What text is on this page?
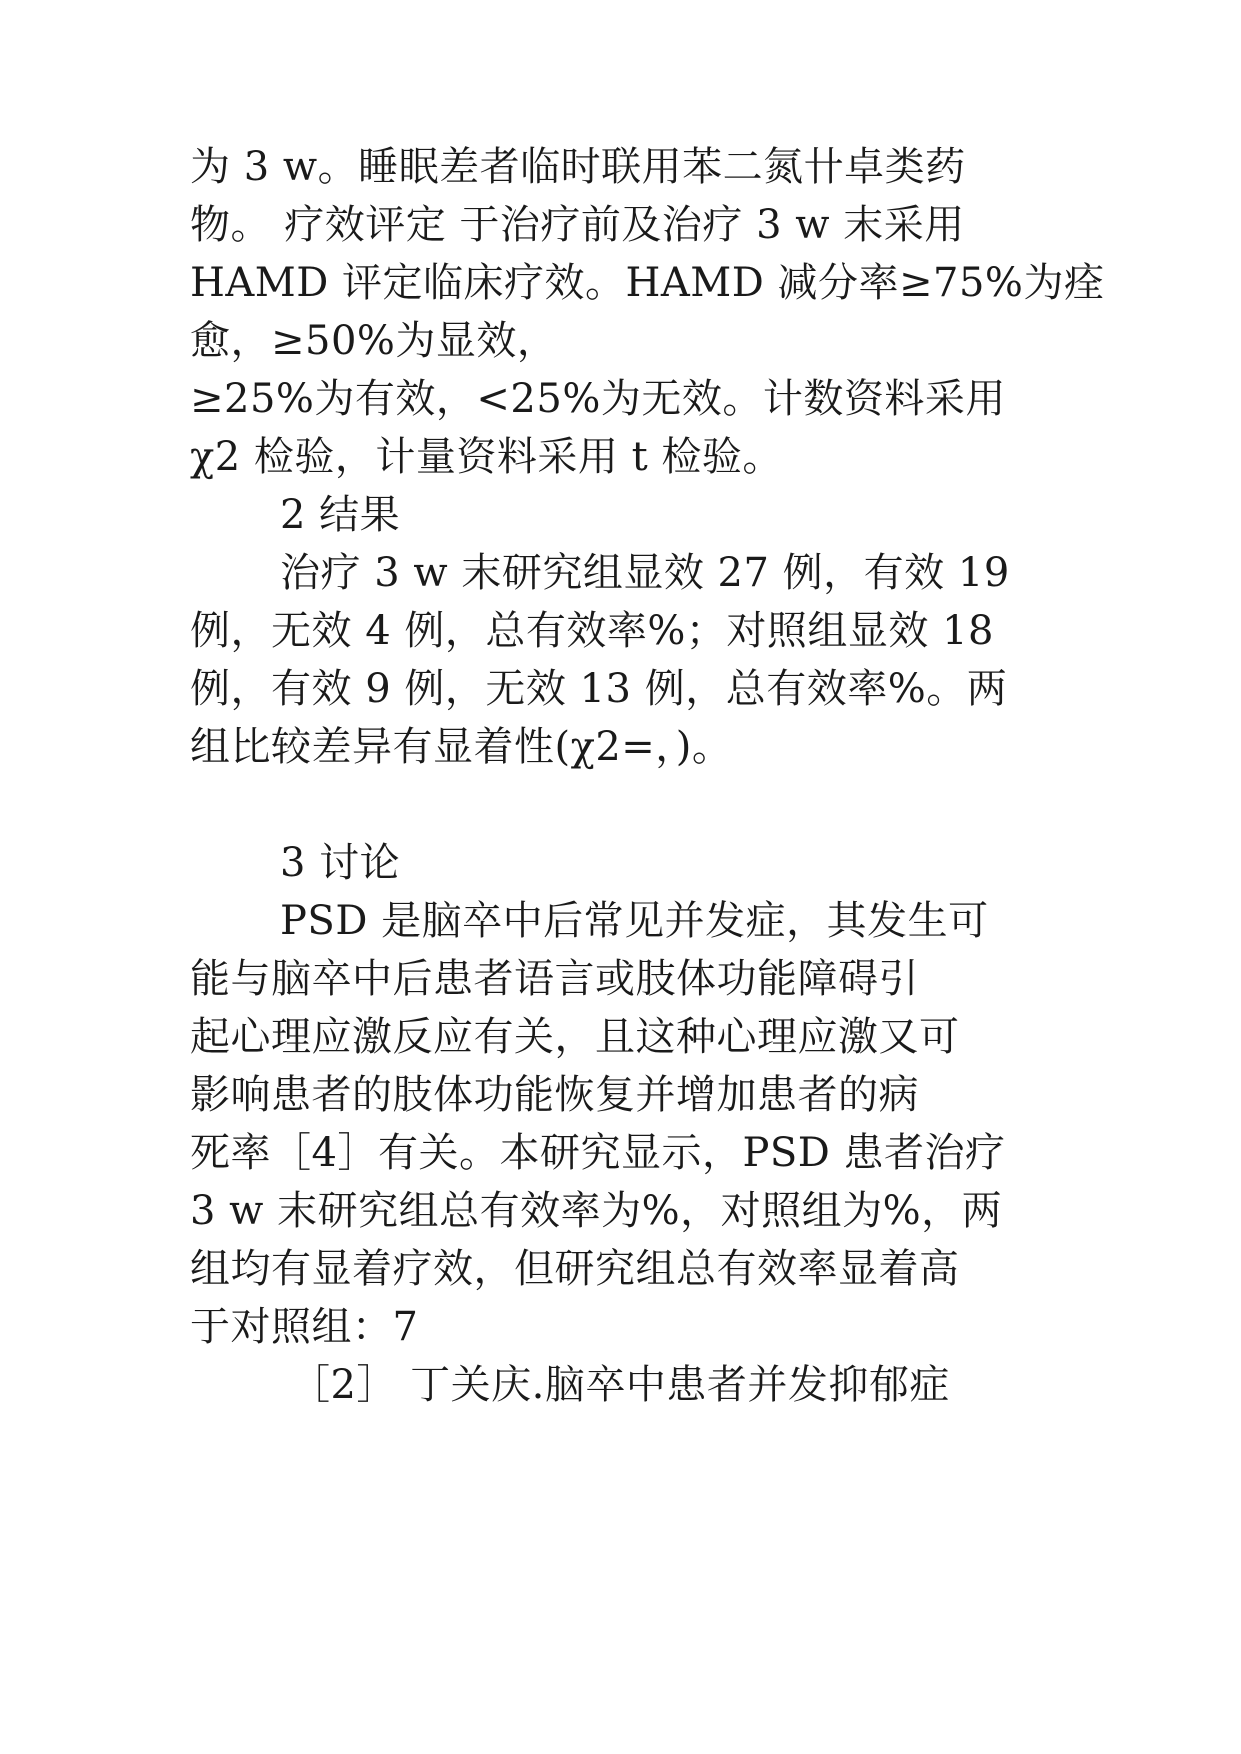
为 3 w。睡眠差者临时联用苯二氮卄卓类药
物。 疗效评定 于治疗前及治疗 3 w 末采用
HAMD 评定临床疗效。HAMD 减分率≥75%为痊
愈，≥50%为显效，
≥25%为有效，<25%为无效。计数资料采用
χ2 检验，计量资料采用 t 检验。
2 结果
治疗 3 w 末研究组显效 27 例，有效 19
例，无效 4 例，总有效率%；对照组显效 18
例，有效 9 例，无效 13 例，总有效率%。两
组比较差异有显着性(χ2=，)。
3 讨论
PSD 是脑卒中后常见并发症，其发生可
能与脑卒中后患者语言或肢体功能障碍引
起心理应激反应有关，且这种心理应激又可
影响患者的肢体功能恢复并增加患者的病
死率［4］有关。本研究显示，PSD 患者治疗
3 w 末研究组总有效率为%，对照组为%，两
组均有显着疗效，但研究组总有效率显着高
于对照组：7
［2］ 丁关庆.脑卒中患者并发抑郁症
